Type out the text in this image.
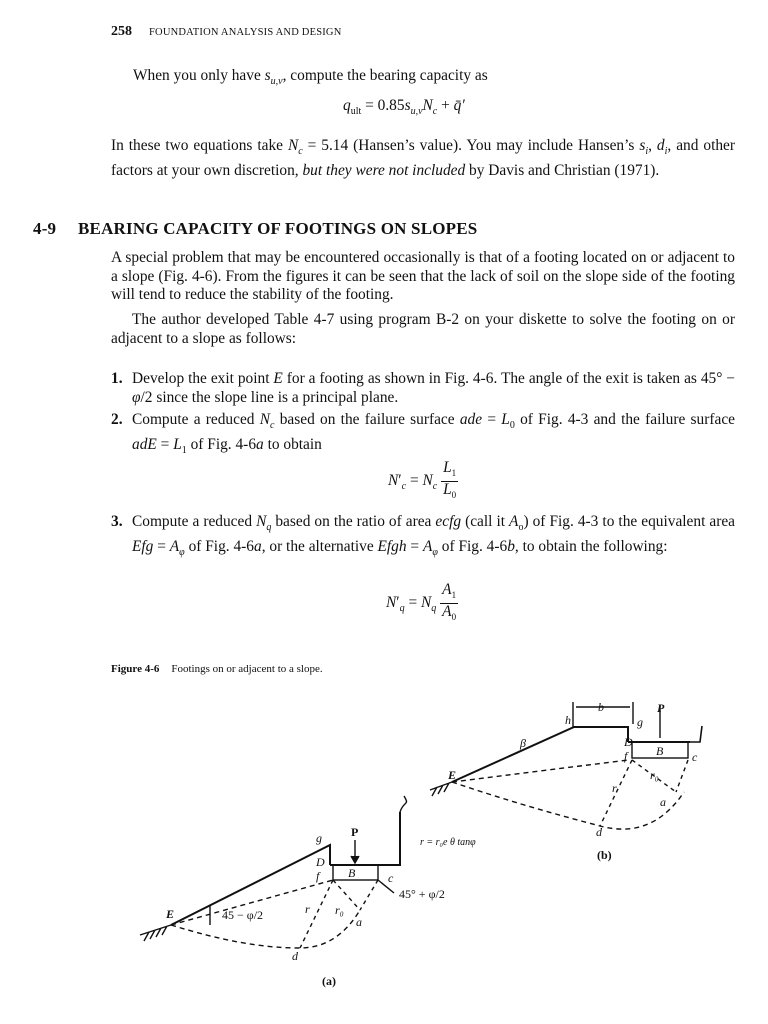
258 FOUNDATION ANALYSIS AND DESIGN
When you only have $s_{u,v}$, compute the bearing capacity as
$q_{ult} = 0.85s_{u,v}N_c$ + q̄′
In these two equations take $N_c = 5.14$ (Hansen’s value). You may include Hansen’s $s_i$, $d_i$, and other factors at your own discretion, but they were not included by Davis and Christian (1971).
4-9 BEARING CAPACITY OF FOOTINGS ON SLOPES
A special problem that may be encountered occasionally is that of a footing located on or adjacent to a slope (Fig. 4-6). From the figures it can be seen that the lack of soil on the slope side of the footing will tend to reduce the stability of the footing.
The author developed Table 4-7 using program B-2 on your diskette to solve the footing on or adjacent to a slope as follows:
1. Develop the exit point E for a footing as shown in Fig. 4-6. The angle of the exit is taken as 45° − φ/2 since the slope line is a principal plane.
2. Compute a reduced $N_c$ based on the failure surface ade = $L_0$ of Fig. 4-3 and the failure surface adE = $L_1$ of Fig. 4-6a to obtain
$N'_c = N_c \frac{L_1}{L_0}$
3. Compute a reduced $N_q$ based on the ratio of area ecfg (call it $A_o$) of Fig. 4-3 to the equivalent area Efg = $A_\varphi$ of Fig. 4-6a, or the alternative Efgh = $A_\varphi$ of Fig. 4-6b, to obtain the following:
$N'_q = N_q \frac{A_1}{A_0}$
Figure 4-6 Footings on or adjacent to a slope.
E
β
h
b	P
g
D
f B c
r₀
r
a
d
r = r₀e θ tanφ
(b)
E	45 − φ/2
g P
D
f B	c
45° + φ/2
r₀
r
a
d
(a)
